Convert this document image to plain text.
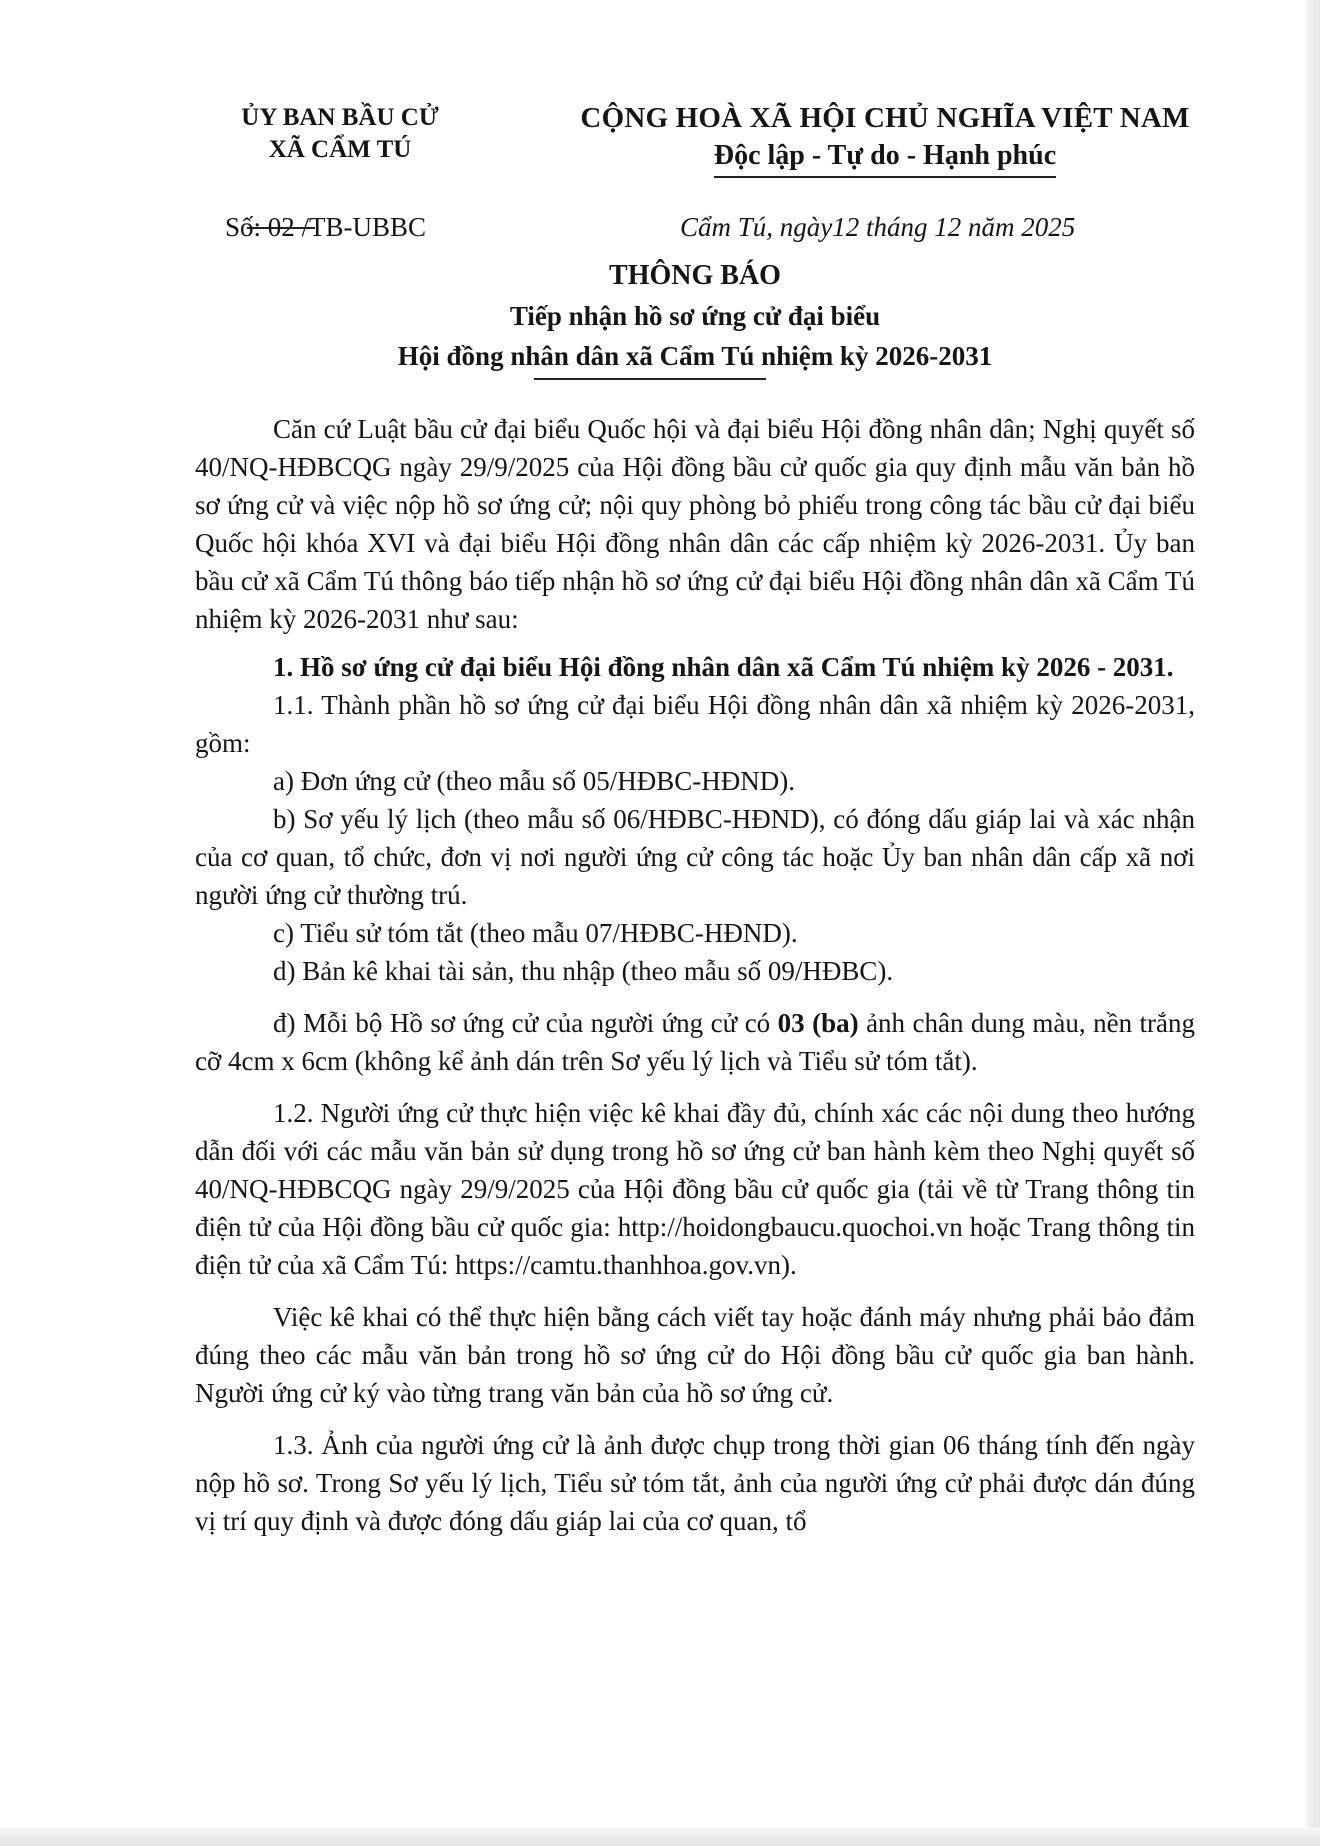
ỦY BAN BẦU CỬ
XÃ CẨM TÚ
CỘNG HOÀ XÃ HỘI CHỦ NGHĨA VIỆT NAM
Độc lập - Tự do - Hạnh phúc
Số: 02 /TB-UBBC	Cẩm Tú, ngày12 tháng 12 năm 2025
THÔNG BÁO
Tiếp nhận hồ sơ ứng cử đại biểu
Hội đồng nhân dân xã Cẩm Tú nhiệm kỳ 2026-2031

Căn cứ Luật bầu cử đại biểu Quốc hội và đại biểu Hội đồng nhân dân; Nghị quyết số 40/NQ-HĐBCQG ngày 29/9/2025 của Hội đồng bầu cử quốc gia quy định mẫu văn bản hồ sơ ứng cử và việc nộp hồ sơ ứng cử; nội quy phòng bỏ phiếu trong công tác bầu cử đại biểu Quốc hội khóa XVI và đại biểu Hội đồng nhân dân các cấp nhiệm kỳ 2026-2031. Ủy ban bầu cử xã Cẩm Tú thông báo tiếp nhận hồ sơ ứng cử đại biểu Hội đồng nhân dân xã Cẩm Tú nhiệm kỳ 2026-2031 như sau:

1. Hồ sơ ứng cử đại biểu Hội đồng nhân dân xã Cẩm Tú nhiệm kỳ 2026 - 2031.

1.1. Thành phần hồ sơ ứng cử đại biểu Hội đồng nhân dân xã nhiệm kỳ 2026-2031, gồm:

a) Đơn ứng cử (theo mẫu số 05/HĐBC-HĐND).

b) Sơ yếu lý lịch (theo mẫu số 06/HĐBC-HĐND), có đóng dấu giáp lai và xác nhận của cơ quan, tổ chức, đơn vị nơi người ứng cử công tác hoặc Ủy ban nhân dân cấp xã nơi người ứng cử thường trú.

c) Tiểu sử tóm tắt (theo mẫu 07/HĐBC-HĐND).

d) Bản kê khai tài sản, thu nhập (theo mẫu số 09/HĐBC).

đ) Mỗi bộ Hồ sơ ứng cử của người ứng cử có 03 (ba) ảnh chân dung màu, nền trắng cỡ 4cm x 6cm (không kể ảnh dán trên Sơ yếu lý lịch và Tiểu sử tóm tắt).

1.2. Người ứng cử thực hiện việc kê khai đầy đủ, chính xác các nội dung theo hướng dẫn đối với các mẫu văn bản sử dụng trong hồ sơ ứng cử ban hành kèm theo Nghị quyết số 40/NQ-HĐBCQG ngày 29/9/2025 của Hội đồng bầu cử quốc gia (tải về từ Trang thông tin điện tử của Hội đồng bầu cử quốc gia: http://hoidongbaucu.quochoi.vn hoặc Trang thông tin điện tử của xã Cẩm Tú: https://camtu.thanhhoa.gov.vn).

Việc kê khai có thể thực hiện bằng cách viết tay hoặc đánh máy nhưng phải bảo đảm đúng theo các mẫu văn bản trong hồ sơ ứng cử do Hội đồng bầu cử quốc gia ban hành. Người ứng cử ký vào từng trang văn bản của hồ sơ ứng cử.

1.3. Ảnh của người ứng cử là ảnh được chụp trong thời gian 06 tháng tính đến ngày nộp hồ sơ. Trong Sơ yếu lý lịch, Tiểu sử tóm tắt, ảnh của người ứng cử phải được dán đúng vị trí quy định và được đóng dấu giáp lai của cơ quan, tổ
